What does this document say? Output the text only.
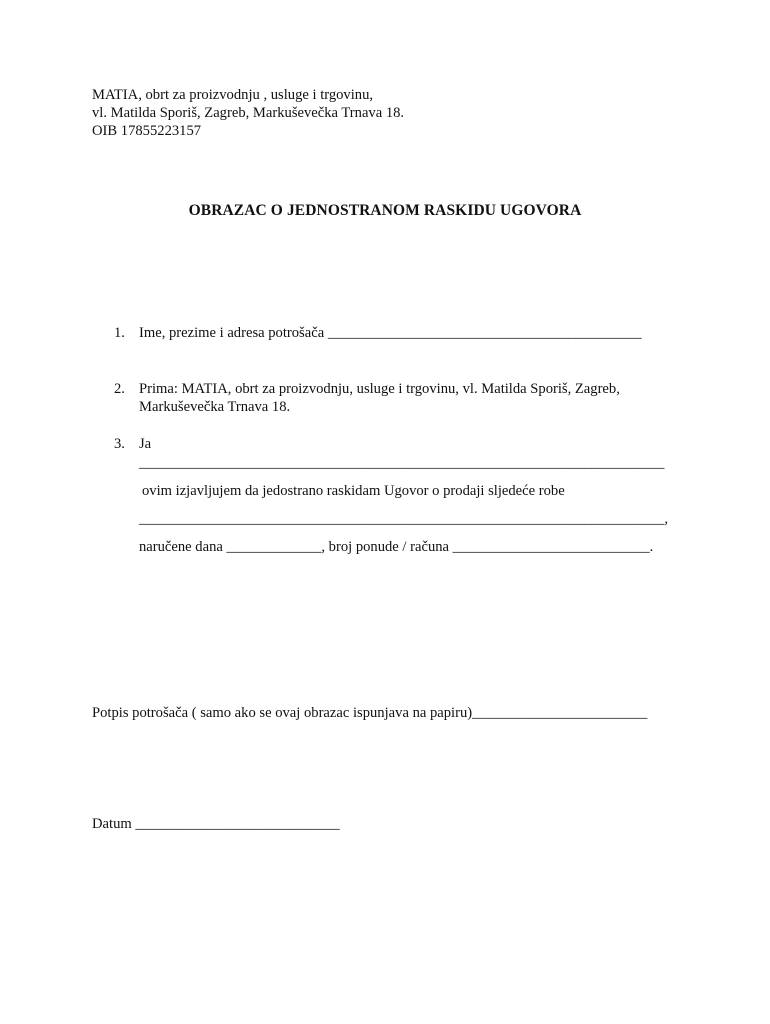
MATIA, obrt za proizvodnju , usluge i trgovinu,
vl. Matilda Sporiš, Zagreb, Markuševečka Trnava 18.
OIB 17855223157
OBRAZAC O JEDNOSTRANOM RASKIDU UGOVORA
1. Ime, prezime i adresa potrošača ___________________________________________
2. Prima: MATIA, obrt za proizvodnju, usluge i trgovinu, vl. Matilda Sporiš, Zagreb,
Markuševečka Trnava 18.
3. Ja
________________________________________________________________________
ovim izjavljujem da jedostrano raskidam Ugovor o prodaji sljedeće robe
________________________________________________________________________,
naručene dana _____________, broj ponude / računa ___________________________.
Potpis potrošača ( samo ako se ovaj obrazac ispunjava na papiru)________________________
Datum ____________________________
